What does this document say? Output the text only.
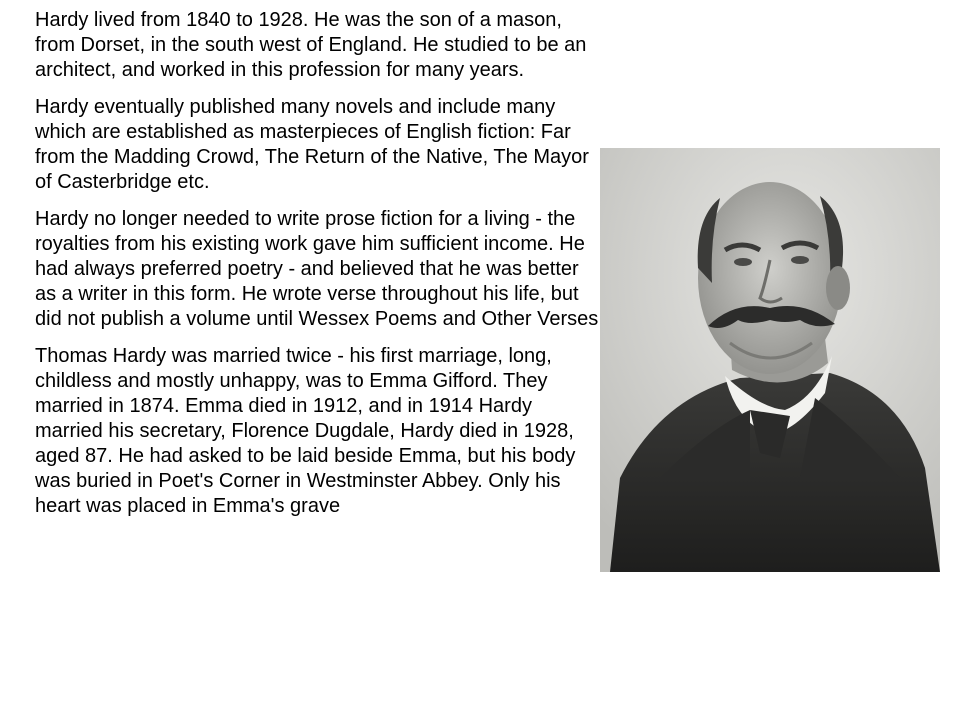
Hardy lived from 1840 to 1928. He was the son of a mason, from Dorset, in the south west of England. He studied to be an architect, and worked in this profession for many years.

Hardy eventually published many novels and include many which are established as masterpieces of English fiction: Far from the Madding Crowd, The Return of the Native, The Mayor of Casterbridge etc.

Hardy no longer needed to write prose fiction for a living - the royalties from his existing work gave him sufficient income. He had always preferred poetry - and believed that he was better as a writer in this form. He wrote verse throughout his life, but did not publish a volume until Wessex Poems and Other Verses

Thomas Hardy was married twice - his first marriage, long, childless and mostly unhappy, was to Emma Gifford. They married in 1874. Emma died in 1912, and in 1914 Hardy married his secretary, Florence Dugdale, Hardy died in 1928, aged 87. He had asked to be laid beside Emma, but his body was buried in Poet's Corner in Westminster Abbey. Only his heart was placed in Emma's grave
